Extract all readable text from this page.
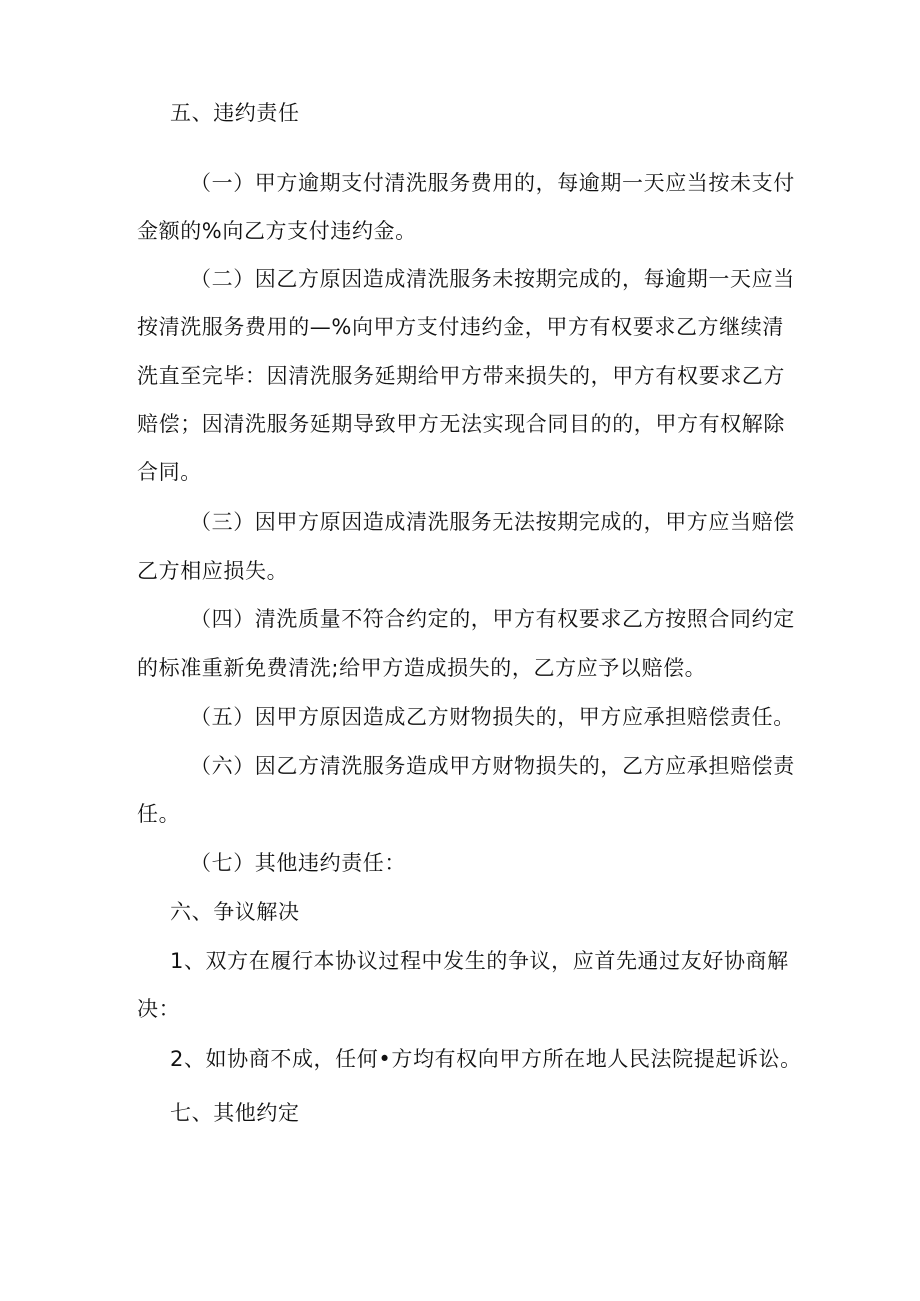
五、违约责任

（一）甲方逾期支付清洗服务费用的，每逾期一天应当按未支付

金额的%向乙方支付违约金。

（二）因乙方原因造成清洗服务未按期完成的，每逾期一天应当

按清洗服务费用的—%向甲方支付违约金，甲方有权要求乙方继续清

洗直至完毕：因清洗服务延期给甲方带来损失的，甲方有权要求乙方

赔偿；因清洗服务延期导致甲方无法实现合同目的的，甲方有权解除

合同。

（三）因甲方原因造成清洗服务无法按期完成的，甲方应当赔偿

乙方相应损失。

（四）清洗质量不符合约定的，甲方有权要求乙方按照合同约定

的标准重新免费清洗;给甲方造成损失的，乙方应予以赔偿。

（五）因甲方原因造成乙方财物损失的，甲方应承担赔偿责任。

（六）因乙方清洗服务造成甲方财物损失的，乙方应承担赔偿责

任。

（七）其他违约责任：

六、争议解决

1、双方在履行本协议过程中发生的争议，应首先通过友好协商解

决：

2、如协商不成，任何•方均有权向甲方所在地人民法院提起诉讼。

七、其他约定
